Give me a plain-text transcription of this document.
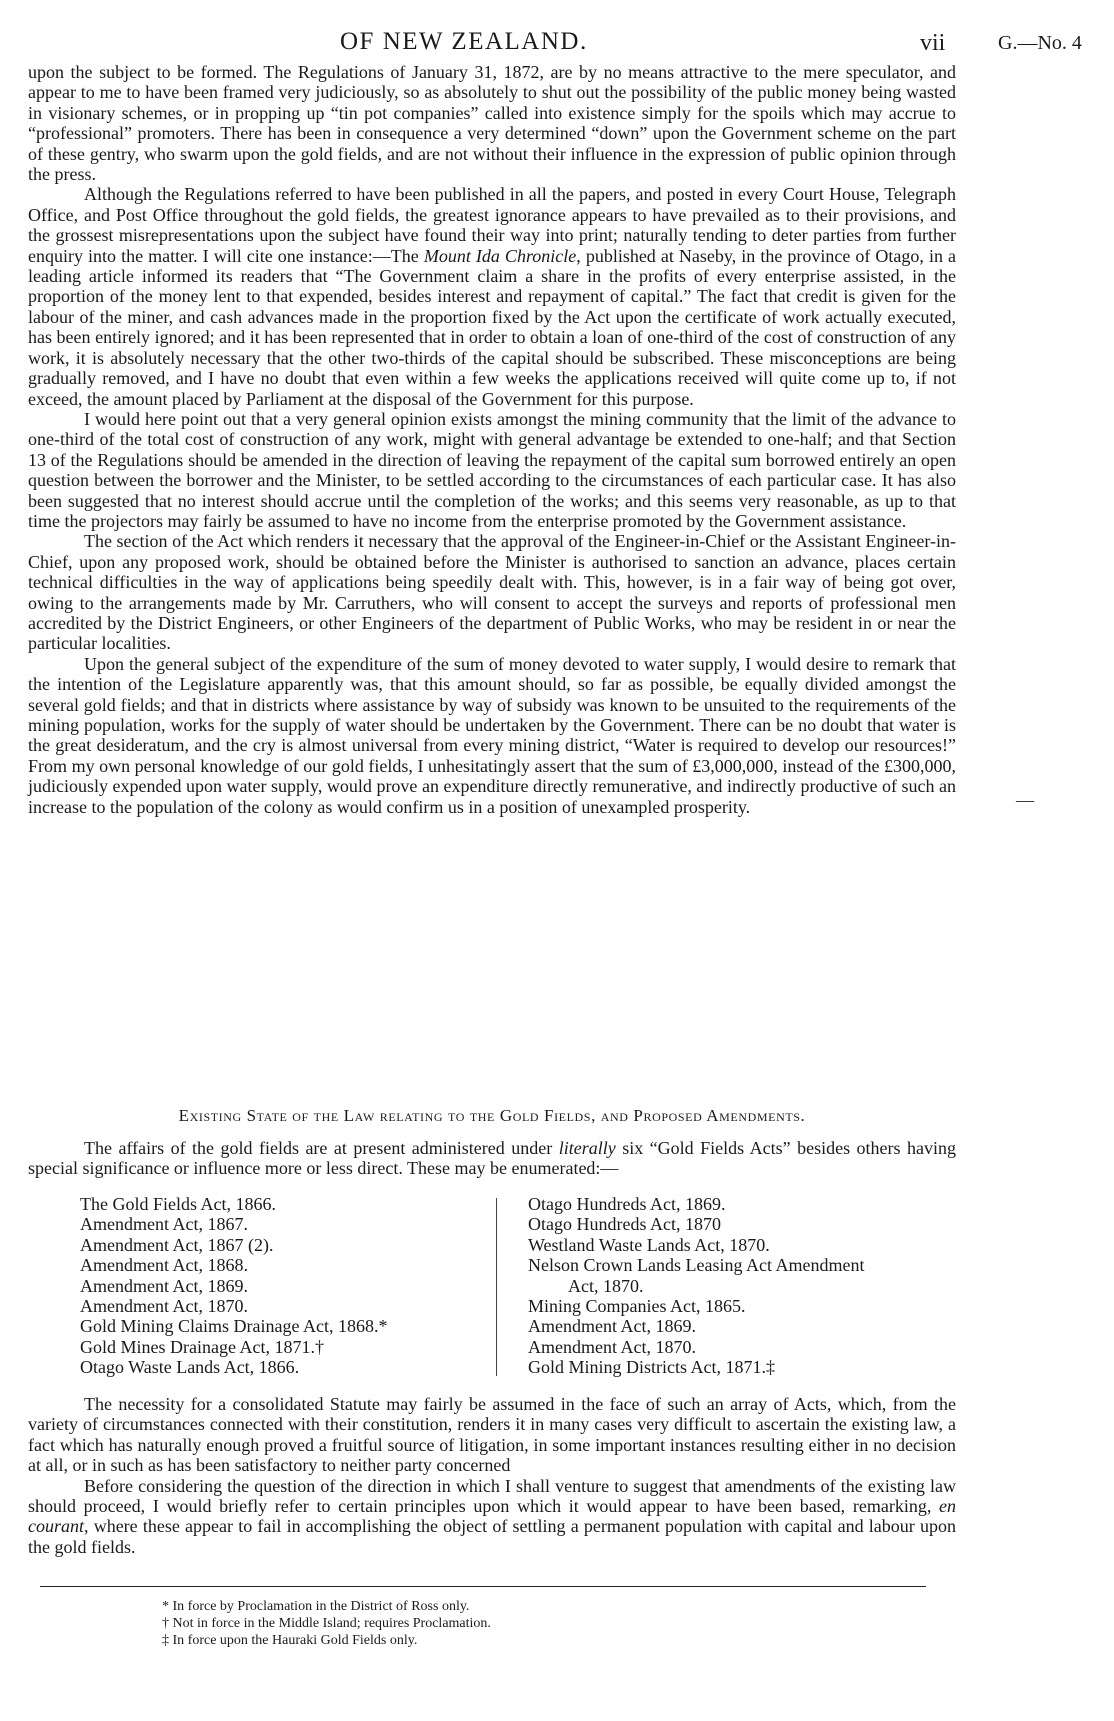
OF NEW ZEALAND.	vii	G.—No. 4

upon the subject to be formed. The Regulations of January 31, 1872, are by no means attractive to the mere speculator, and appear to me to have been framed very judiciously, so as absolutely to shut out the possibility of the public money being wasted in visionary schemes, or in propping up “tin pot companies” called into existence simply for the spoils which may accrue to “professional” promoters. There has been in consequence a very determined “down” upon the Government scheme on the part of these gentry, who swarm upon the gold fields, and are not without their influence in the expression of public opinion through the press.

Although the Regulations referred to have been published in all the papers, and posted in every Court House, Telegraph Office, and Post Office throughout the gold fields, the greatest ignorance appears to have prevailed as to their provisions, and the grossest misrepresentations upon the subject have found their way into print; naturally tending to deter parties from further enquiry into the matter. I will cite one instance:—The Mount Ida Chronicle, published at Naseby, in the province of Otago, in a leading article informed its readers that “The Government claim a share in the profits of every enterprise assisted, in the proportion of the money lent to that expended, besides interest and repayment of capital.” The fact that credit is given for the labour of the miner, and cash advances made in the proportion fixed by the Act upon the certificate of work actually executed, has been entirely ignored; and it has been represented that in order to obtain a loan of one-third of the cost of construction of any work, it is absolutely necessary that the other two-thirds of the capital should be subscribed. These misconceptions are being gradually removed, and I have no doubt that even within a few weeks the applications received will quite come up to, if not exceed, the amount placed by Parliament at the disposal of the Government for this purpose.

I would here point out that a very general opinion exists amongst the mining community that the limit of the advance to one-third of the total cost of construction of any work, might with general advantage be extended to one-half; and that Section 13 of the Regulations should be amended in the direction of leaving the repayment of the capital sum borrowed entirely an open question between the borrower and the Minister, to be settled according to the circumstances of each particular case. It has also been suggested that no interest should accrue until the completion of the works; and this seems very reasonable, as up to that time the projectors may fairly be assumed to have no income from the enterprise promoted by the Government assistance.

The section of the Act which renders it necessary that the approval of the Engineer-in-Chief or the Assistant Engineer-in-Chief, upon any proposed work, should be obtained before the Minister is authorised to sanction an advance, places certain technical difficulties in the way of applications being speedily dealt with. This, however, is in a fair way of being got over, owing to the arrangements made by Mr. Carruthers, who will consent to accept the surveys and reports of professional men accredited by the District Engineers, or other Engineers of the department of Public Works, who may be resident in or near the particular localities.

Upon the general subject of the expenditure of the sum of money devoted to water supply, I would desire to remark that the intention of the Legislature apparently was, that this amount should, so far as possible, be equally divided amongst the several gold fields; and that in districts where assistance by way of subsidy was known to be unsuited to the requirements of the mining population, works for the supply of water should be undertaken by the Government. There can be no doubt that water is the great desideratum, and the cry is almost universal from every mining district, “Water is required to develop our resources!” From my own personal knowledge of our gold fields, I unhesitatingly assert that the sum of £3,000,000, instead of the £300,000, judiciously expended upon water supply, would prove an expenditure directly remunerative, and indirectly productive of such an increase to the population of the colony as would confirm us in a position of unexampled prosperity.	—
Existing State of the Law relating to the Gold Fields, and Proposed Amendments.

The affairs of the gold fields are at present administered under literally six “Gold Fields Acts” besides others having special significance or influence more or less direct. These may be enumerated:—

The Gold Fields Act, 1866.
Amendment Act, 1867.
Amendment Act, 1867 (2).
Amendment Act, 1868.
Amendment Act, 1869.
Amendment Act, 1870.
Gold Mining Claims Drainage Act, 1868.*
Gold Mines Drainage Act, 1871.†
Otago Waste Lands Act, 1866.
Otago Hundreds Act, 1869.
Otago Hundreds Act, 1870
Westland Waste Lands Act, 1870.
Nelson Crown Lands Leasing Act Amendment
Act, 1870.
Mining Companies Act, 1865.
Amendment Act, 1869.
Amendment Act, 1870.
Gold Mining Districts Act, 1871.‡

The necessity for a consolidated Statute may fairly be assumed in the face of such an array of Acts, which, from the variety of circumstances connected with their constitution, renders it in many cases very difficult to ascertain the existing law, a fact which has naturally enough proved a fruitful source of litigation, in some important instances resulting either in no decision at all, or in such as has been satisfactory to neither party concerned

Before considering the question of the direction in which I shall venture to suggest that amendments of the existing law should proceed, I would briefly refer to certain principles upon which it would appear to have been based, remarking, en courant, where these appear to fail in accomplishing the object of settling a permanent population with capital and labour upon the gold fields.

* In force by Proclamation in the District of Ross only.
† Not in force in the Middle Island; requires Proclamation.
‡ In force upon the Hauraki Gold Fields only.
